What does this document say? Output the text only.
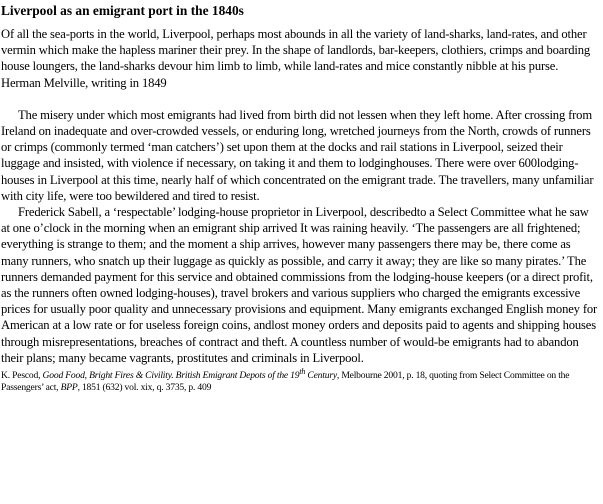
Liverpool as an emigrant port in the 1840s

Of all the sea-ports in the world, Liverpool, perhaps most abounds in all the variety of land-sharks, land-rates, and other vermin which make the hapless mariner their prey. In the shape of landlords, bar-keepers, clothiers, crimps and boarding house loungers, the land-sharks devour him limb to limb, while land-rates and mice constantly nibble at his purse.

Herman Melville, writing in 1849

The misery under which most emigrants had lived from birth did not lessen when they left home. After crossing from Ireland on inadequate and over-crowded vessels, or enduring long, wretched journeys from the North, crowds of runners or crimps (commonly termed ‘man catchers’) set upon them at the docks and rail stations in Liverpool, seized their luggage and insisted, with violence if necessary, on taking it and them to lodginghouses. There were over 600lodging-houses in Liverpool at this time, nearly half of which concentrated on the emigrant trade. The travellers, many unfamiliar with city life, were too bewildered and tired to resist.

Frederick Sabell, a ‘respectable’ lodging-house proprietor in Liverpool, describedto a Select Committee what he saw at one o’clock in the morning when an emigrant ship arrived It was raining heavily. ‘The passengers are all frightened; everything is strange to them; and the moment a ship arrives, however many passengers there may be, there come as many runners, who snatch up their luggage as quickly as possible, and carry it away; they are like so many pirates.’ The runners demanded payment for this service and obtained commissions from the lodging-house keepers (or a direct profit, as the runners often owned lodging-houses), travel brokers and various suppliers who charged the emigrants excessive prices for usually poor quality and unnecessary provisions and equipment. Many emigrants exchanged English money for American at a low rate or for useless foreign coins, andlost money orders and deposits paid to agents and shipping houses through misrepresentations, breaches of contract and theft. A countless number of would-be emigrants had to abandon their plans; many became vagrants, prostitutes and criminals in Liverpool.

K. Pescod, Good Food, Bright Fires & Civility. British Emigrant Depots of the 19th Century, Melbourne 2001, p. 18, quoting from Select Committee on the Passengers’ act, BPP, 1851 (632) vol. xix, q. 3735, p. 409
